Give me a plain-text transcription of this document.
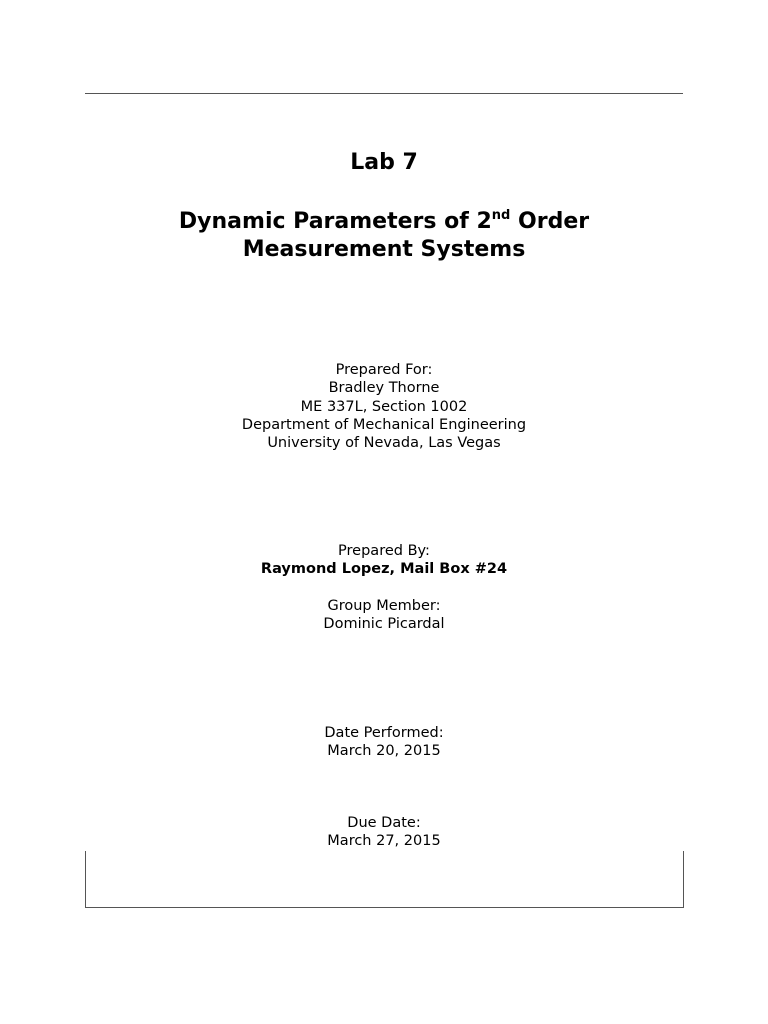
Lab 7
Dynamic Parameters of 2nd Order
Measurement Systems
Prepared For:
Bradley Thorne
ME 337L, Section 1002
Department of Mechanical Engineering
University of Nevada, Las Vegas
Prepared By:
Raymond Lopez, Mail Box #24
Group Member:
Dominic Picardal
Date Performed:
March 20, 2015
Due Date:
March 27, 2015
